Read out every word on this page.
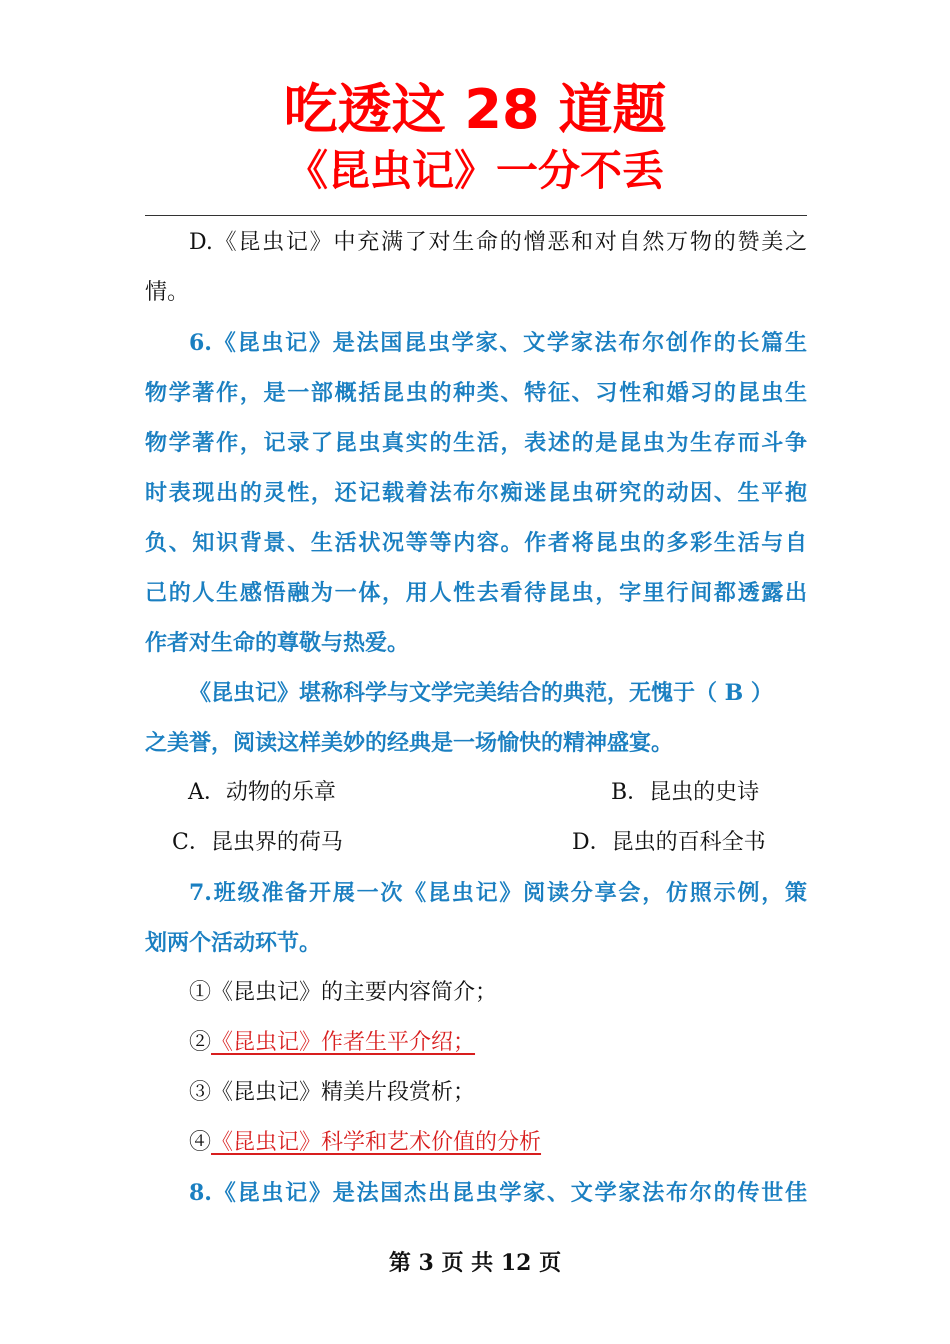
吃透这 28 道题
《昆虫记》一分不丢
D.《昆虫记》中充满了对生命的憎恶和对自然万物的赞美之
情。
6.《昆虫记》是法国昆虫学家、文学家法布尔创作的长篇生
物学著作，是一部概括昆虫的种类、特征、习性和婚习的昆虫生
物学著作，记录了昆虫真实的生活，表述的是昆虫为生存而斗争
时表现出的灵性，还记载着法布尔痴迷昆虫研究的动因、生平抱
负、知识背景、生活状况等等内容。作者将昆虫的多彩生活与自
己的人生感悟融为一体，用人性去看待昆虫，字里行间都透露出
作者对生命的尊敬与热爱。
《昆虫记》堪称科学与文学完美结合的典范，无愧于（ B ）
之美誉，阅读这样美妙的经典是一场愉快的精神盛宴。
A．动物的乐章	B．昆虫的史诗
C．昆虫界的荷马	D．昆虫的百科全书
7.班级准备开展一次《昆虫记》阅读分享会，仿照示例，策
划两个活动环节。
①《昆虫记》的主要内容简介；
②《昆虫记》作者生平介绍；
③《昆虫记》精美片段赏析；
④《昆虫记》科学和艺术价值的分析
8.《昆虫记》是法国杰出昆虫学家、文学家法布尔的传世佳
第 3 页 共 12 页
